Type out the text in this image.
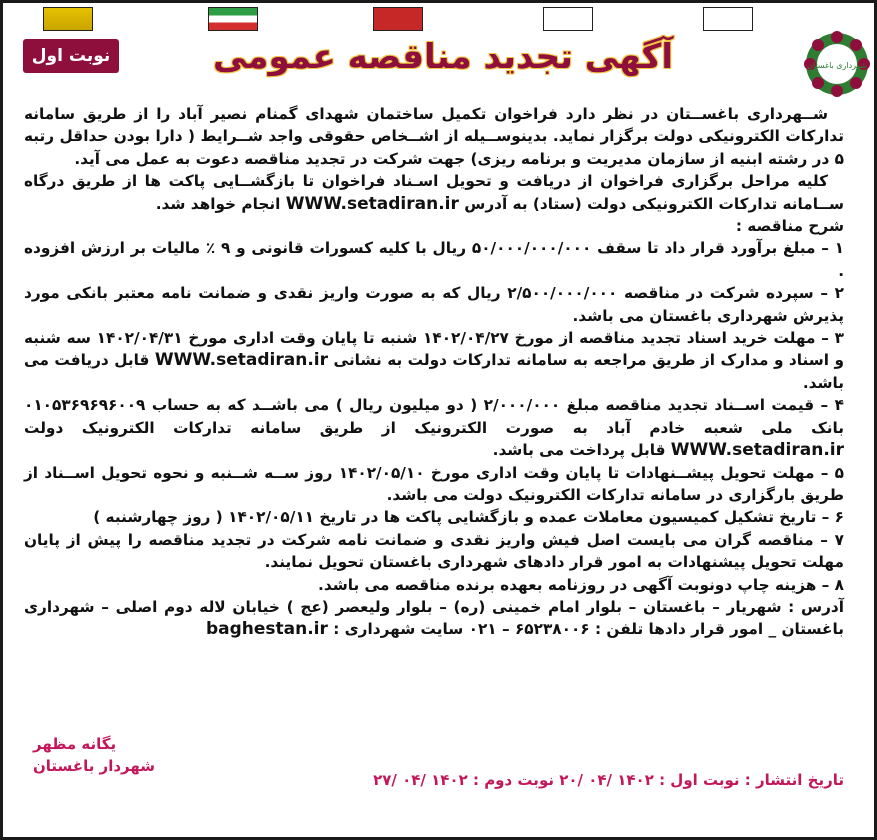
نوبت اول	آگهی تجدید مناقصه عمومی	شهرداری باغستان

شــهرداری باغســتان در نظر دارد فراخوان تکمیل ساختمان شهدای گمنام نصیر آباد را از طریق سامانه تدارکات الکترونیکی دولت برگزار نماید. بدینوســیله از اشــخاص حقوقی واجد شــرایط ( دارا بودن حداقل رتبه ۵ در رشته ابنیه از سازمان مدیریت و برنامه ریزی) جهت شرکت در تجدید مناقصه دعوت به عمل می آید.

کلیه مراحل برگزاری فراخوان از دریافت و تحویل اسـناد فراخوان تا بازگشــایی پاکت ها از طریق درگاه ســامانه تدارکات الکترونیکی دولت (ستاد) به آدرس WWW.setadiran.ir انجام خواهد شد.

شرح مناقصه :

۱ – مبلغ برآورد قرار داد تا سقف ۵۰/۰۰۰/۰۰۰/۰۰۰ ریال با کلیه کسورات قانونی و ۹ ٪ مالیات بر ارزش افزوده .

۲ – سپرده شرکت در مناقصه ۲/۵۰۰/۰۰۰/۰۰۰ ریال که به صورت واریز نقدی و ضمانت نامه معتبر بانکی مورد پذیرش شهرداری باغستان می باشد.

۳ – مهلت خرید اسناد تجدید مناقصه از مورخ ۱۴۰۲/۰۴/۲۷ شنبه تا پایان وقت اداری مورخ ۱۴۰۲/۰۴/۳۱ سه شنبه و اسناد و مدارک از طریق مراجعه به سامانه تدارکات دولت به نشانی WWW.setadiran.ir قابل دریافت می باشد.

۴ – قیمت اســناد تجدید مناقصه مبلغ ۲/۰۰۰/۰۰۰ ( دو میلیون ریال ) می باشــد که به حساب ۰۱۰۵۳۶۹۶۹۶۰۰۹ بانک ملی شعبه خادم آباد به صورت الکترونیک از طریق سامانه تدارکات الکترونیک دولت WWW.setadiran.ir قابل پرداخت می باشد.

۵ – مهلت تحویل پیشــنهادات تا پایان وقت اداری مورخ ۱۴۰۲/۰۵/۱۰ روز ســه شــنبه و نحوه تحویل اســناد از طریق بارگزاری در سامانه تدارکات الکترونیک دولت می باشد.

۶ – تاریخ تشکیل کمیسیون معاملات عمده و بازگشایی پاکت ها در تاریخ ۱۴۰۲/۰۵/۱۱ ( روز چهارشنبه )

۷ – مناقصه گران می بایست اصل فیش واریز نقدی و ضمانت نامه شرکت در تجدید مناقصه را پیش از پایان مهلت تحویل پیشنهادات به امور قرار دادهای شهرداری باغستان تحویل نمایند.

۸ – هزینه چاپ دونوبت آگهی در روزنامه بعهده برنده مناقصه می باشد.

آدرس : شهریار – باغستان – بلوار امام خمینی (ره) – بلوار ولیعصر (عج ) خیابان لاله دوم اصلی – شهرداری باغستان _ امور قرار دادها تلفن : ۶۵۲۳۸۰۰۶ – ۰۲۱ سایت شهرداری : baghestan.ir

یگانه مظهر
شهردار باغستان
تاریخ انتشار : نوبت اول : ۱۴۰۲ /۰۴ /۲۰ نوبت دوم : ۱۴۰۲ /۰۴ /۲۷
